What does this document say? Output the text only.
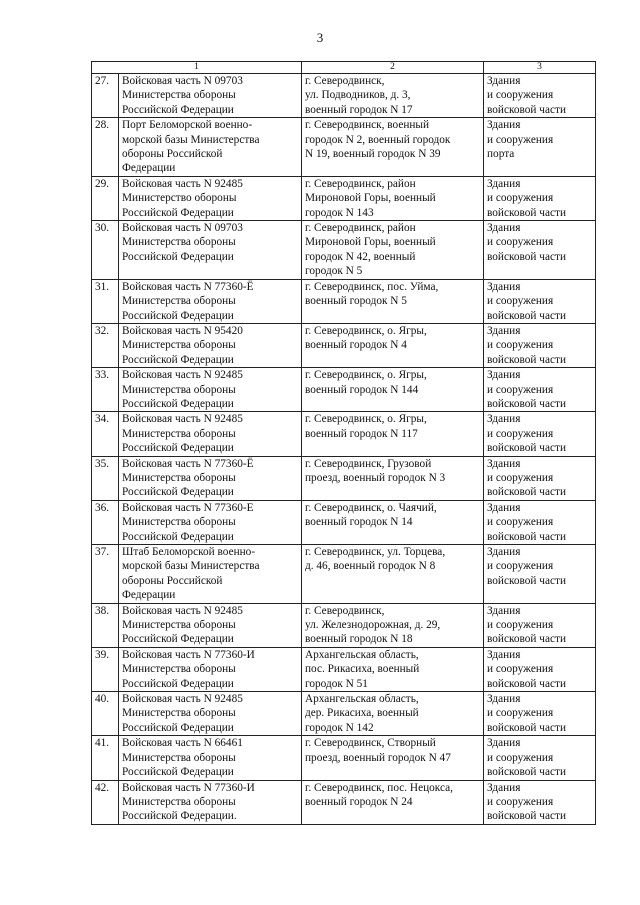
3
1		2	3
27.	Войсковая часть N 09703
Министерства обороны
Российской Федерации	г. Северодвинск,
ул. Подводников, д. 3,
военный городок N 17	Здания
и сооружения
войсковой части
28.	Порт Беломорской военно-
морской базы Министерства
обороны Российской
Федерации	г. Северодвинск, военный
городок N 2, военный городок
N 19, военный городок N 39	Здания
и сооружения
порта
29.	Войсковая часть N 92485
Министерство обороны
Российской Федерации	г. Северодвинск, район
Мироновой Горы, военный
городок N 143	Здания
и сооружения
войсковой части
30.	Войсковая часть N 09703
Министерства обороны
Российской Федерации	г. Северодвинск, район
Мироновой Горы, военный
городок N 42, военный
городок N 5	Здания
и сооружения
войсковой части
31.	Войсковая часть N 77360-Ё
Министерства обороны
Российской Федерации	г. Северодвинск, пос. Уйма,
военный городок N 5	Здания
и сооружения
войсковой части
32.	Войсковая часть N 95420
Министерства обороны
Российской Федерации	г. Северодвинск, о. Ягры,
военный городок N 4	Здания
и сооружения
войсковой части
33.	Войсковая часть N 92485
Министерства обороны
Российской Федерации	г. Северодвинск, о. Ягры,
военный городок N 144	Здания
и сооружения
войсковой части
34.	Войсковая часть N 92485
Министерства обороны
Российской Федерации	г. Северодвинск, о. Ягры,
военный городок N 117	Здания
и сооружения
войсковой части
35.	Войсковая часть N 77360-Ё
Министерства обороны
Российской Федерации	г. Северодвинск, Грузовой
проезд, военный городок N 3	Здания
и сооружения
войсковой части
36.	Войсковая часть N 77360-Е
Министерства обороны
Российской Федерации	г. Северодвинск, о. Чаячий,
военный городок N 14	Здания
и сооружения
войсковой части
37.	Штаб Беломорской военно-
морской базы Министерства
обороны Российской
Федерации	г. Северодвинск, ул. Торцева,
д. 46, военный городок N 8	Здания
и сооружения
войсковой части
38.	Войсковая часть N 92485
Министерства обороны
Российской Федерации	г. Северодвинск,
ул. Железнодорожная, д. 29,
военный городок N 18	Здания
и сооружения
войсковой части
39.	Войсковая часть N 77360-И
Министерства обороны
Российской Федерации	Архангельская область,
пос. Рикасиха, военный
городок N 51	Здания
и сооружения
войсковой части
40.	Войсковая часть N 92485
Министерства обороны
Российской Федерации	Архангельская область,
дер. Рикасиха, военный
городок N 142	Здания
и сооружения
войсковой части
41.	Войсковая часть N 66461
Министерства обороны
Российской Федерации	г. Северодвинск, Створный
проезд, военный городок N 47	Здания
и сооружения
войсковой части
42.	Войсковая часть N 77360-И
Министерства обороны
Российской Федерации.	г. Северодвинск, пос. Нецокса,
военный городок N 24	Здания
и сооружения
войсковой части
